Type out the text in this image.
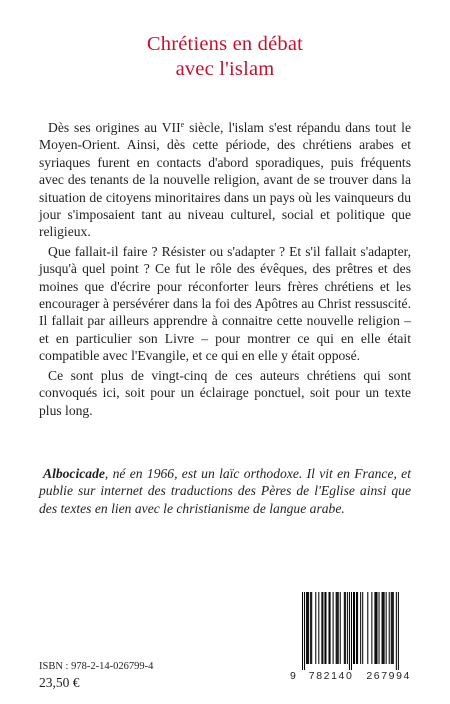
Chrétiens en débat
avec l'islam

Dès ses origines au VIIe siècle, l'islam s'est répandu dans tout le Moyen-Orient. Ainsi, dès cette période, des chrétiens arabes et syriaques furent en contacts d'abord sporadiques, puis fréquents avec des tenants de la nouvelle religion, avant de se trouver dans la situation de citoyens minoritaires dans un pays où les vainqueurs du jour s'imposaient tant au niveau culturel, social et politique que religieux.

Que fallait-il faire ? Résister ou s'adapter ? Et s'il fallait s'adapter, jusqu'à quel point ? Ce fut le rôle des évêques, des prêtres et des moines que d'écrire pour réconforter leurs frères chrétiens et les encourager à persévérer dans la foi des Apôtres au Christ ressuscité. Il fallait par ailleurs apprendre à connaitre cette nouvelle religion – et en particulier son Livre – pour montrer ce qui en elle était compatible avec l'Evangile, et ce qui en elle y était opposé.

Ce sont plus de vingt-cinq de ces auteurs chrétiens qui sont convoqués ici, soit pour un éclairage ponctuel, soit pour un texte plus long.

Albocicade, né en 1966, est un laïc orthodoxe. Il vit en France, et publie sur internet des traductions des Pères de l'Eglise ainsi que des textes en lien avec le christianisme de langue arabe.

ISBN : 978-2-14-026799-4
23,50 €	9 782140 267994
